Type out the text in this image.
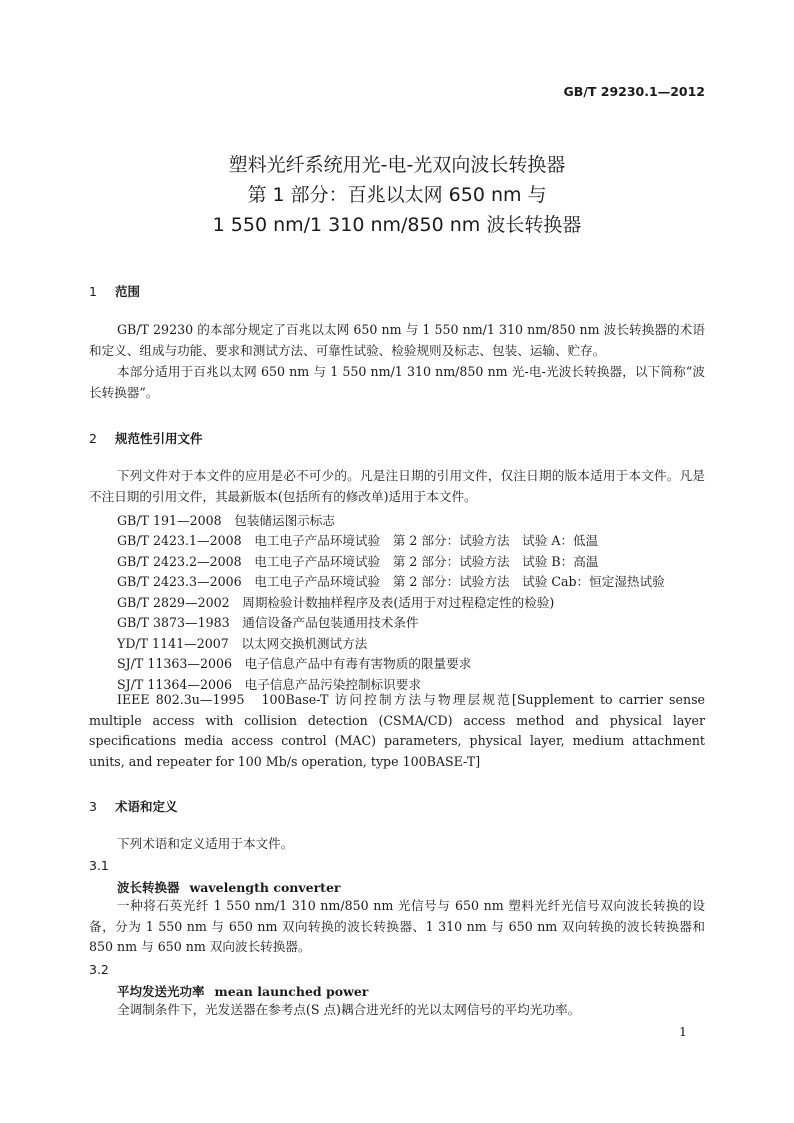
GB/T 29230.1—2012
塑料光纤系统用光-电-光双向波长转换器
第 1 部分：百兆以太网 650 nm 与
1 550 nm/1 310 nm/850 nm 波长转换器
1 范围
GB/T 29230 的本部分规定了百兆以太网 650 nm 与 1 550 nm/1 310 nm/850 nm 波长转换器的术语和定义、组成与功能、要求和测试方法、可靠性试验、检验规则及标志、包装、运输、贮存。
本部分适用于百兆以太网 650 nm 与 1 550 nm/1 310 nm/850 nm 光-电-光波长转换器，以下简称“波长转换器”。
2 规范性引用文件
下列文件对于本文件的应用是必不可少的。凡是注日期的引用文件，仅注日期的版本适用于本文件。凡是不注日期的引用文件，其最新版本(包括所有的修改单)适用于本文件。
GB/T 191—2008　包装储运图示标志
GB/T 2423.1—2008　电工电子产品环境试验　第 2 部分：试验方法　试验 A：低温
GB/T 2423.2—2008　电工电子产品环境试验　第 2 部分：试验方法　试验 B：高温
GB/T 2423.3—2006　电工电子产品环境试验　第 2 部分：试验方法　试验 Cab：恒定湿热试验
GB/T 2829—2002　周期检验计数抽样程序及表(适用于对过程稳定性的检验)
GB/T 3873—1983　通信设备产品包装通用技术条件
YD/T 1141—2007　以太网交换机测试方法
SJ/T 11363—2006　电子信息产品中有毒有害物质的限量要求
SJ/T 11364—2006　电子信息产品污染控制标识要求
IEEE 802.3u—1995　100Base-T 访问控制方法与物理层规范[Supplement to carrier sense multiple access with collision detection (CSMA/CD) access method and physical layer specifications media access control (MAC) parameters, physical layer, medium attachment units, and repeater for 100 Mb/s operation, type 100BASE-T]
3 术语和定义
下列术语和定义适用于本文件。
3.1
波长转换器 wavelength converter
一种将石英光纤 1 550 nm/1 310 nm/850 nm 光信号与 650 nm 塑料光纤光信号双向波长转换的设备，分为 1 550 nm 与 650 nm 双向转换的波长转换器、1 310 nm 与 650 nm 双向转换的波长转换器和 850 nm 与 650 nm 双向波长转换器。
3.2
平均发送光功率 mean launched power
全调制条件下，光发送器在参考点(S 点)耦合进光纤的光以太网信号的平均光功率。
1
